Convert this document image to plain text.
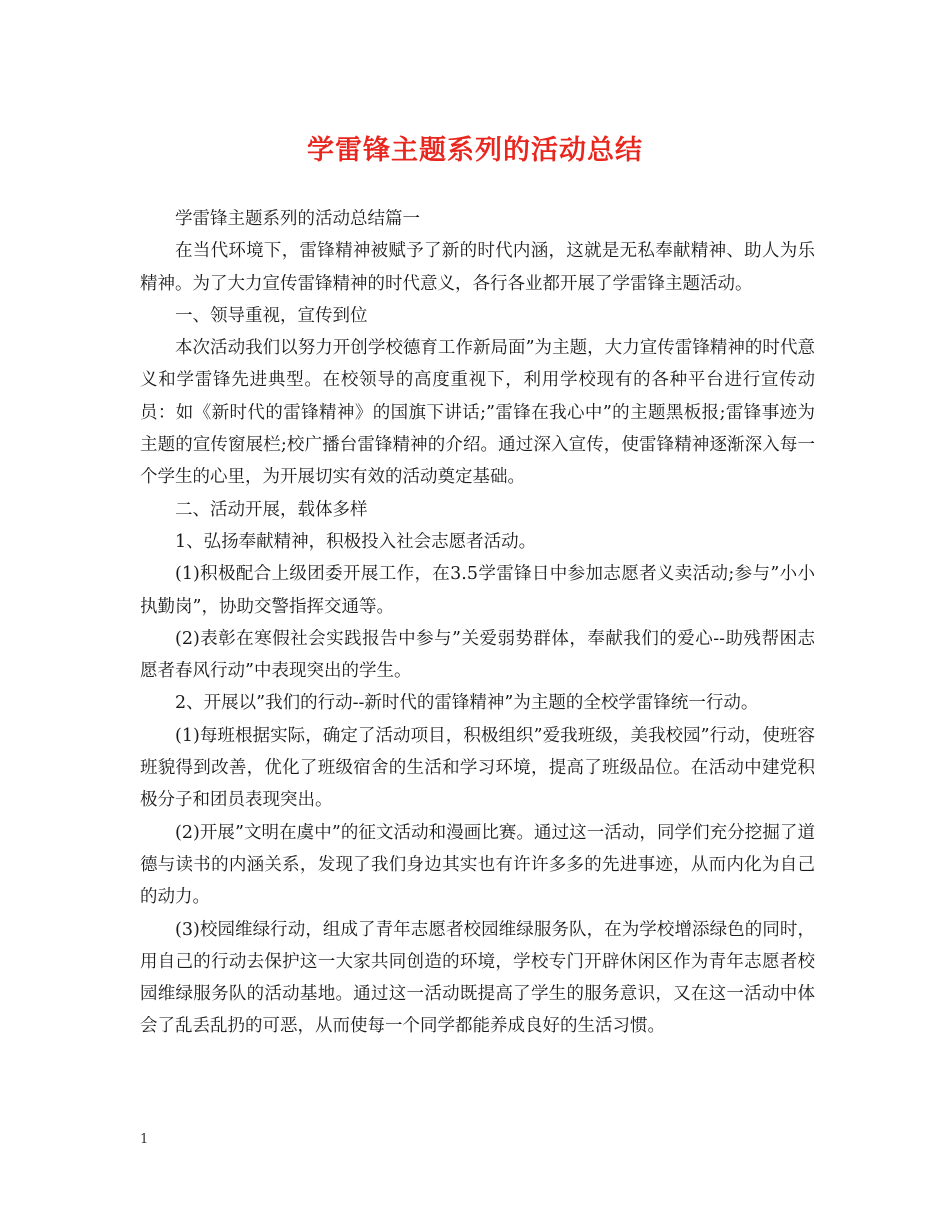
学雷锋主题系列的活动总结

学雷锋主题系列的活动总结篇一

在当代环境下，雷锋精神被赋予了新的时代内涵，这就是无私奉献精神、助人为乐精神。为了大力宣传雷锋精神的时代意义，各行各业都开展了学雷锋主题活动。

一、领导重视，宣传到位

本次活动我们以努力开创学校德育工作新局面”为主题，大力宣传雷锋精神的时代意义和学雷锋先进典型。在校领导的高度重视下，利用学校现有的各种平台进行宣传动员：如《新时代的雷锋精神》的国旗下讲话;”雷锋在我心中”的主题黑板报;雷锋事迹为主题的宣传窗展栏;校广播台雷锋精神的介绍。通过深入宣传，使雷锋精神逐渐深入每一个学生的心里，为开展切实有效的活动奠定基础。

二、活动开展，载体多样

1、弘扬奉献精神，积极投入社会志愿者活动。

(1)积极配合上级团委开展工作，在3.5学雷锋日中参加志愿者义卖活动;参与”小小执勤岗”，协助交警指挥交通等。

(2)表彰在寒假社会实践报告中参与”关爱弱势群体，奉献我们的爱心--助残帮困志愿者春风行动”中表现突出的学生。

2、开展以”我们的行动--新时代的雷锋精神”为主题的全校学雷锋统一行动。

(1)每班根据实际，确定了活动项目，积极组织”爱我班级，美我校园”行动，使班容班貌得到改善，优化了班级宿舍的生活和学习环境，提高了班级品位。在活动中建党积极分子和团员表现突出。

(2)开展”文明在虞中”的征文活动和漫画比赛。通过这一活动，同学们充分挖掘了道德与读书的内涵关系，发现了我们身边其实也有许许多多的先进事迹，从而内化为自己的动力。

(3)校园维绿行动，组成了青年志愿者校园维绿服务队，在为学校增添绿色的同时，用自己的行动去保护这一大家共同创造的环境，学校专门开辟休闲区作为青年志愿者校园维绿服务队的活动基地。通过这一活动既提高了学生的服务意识，又在这一活动中体会了乱丢乱扔的可恶，从而使每一个同学都能养成良好的生活习惯。

1
